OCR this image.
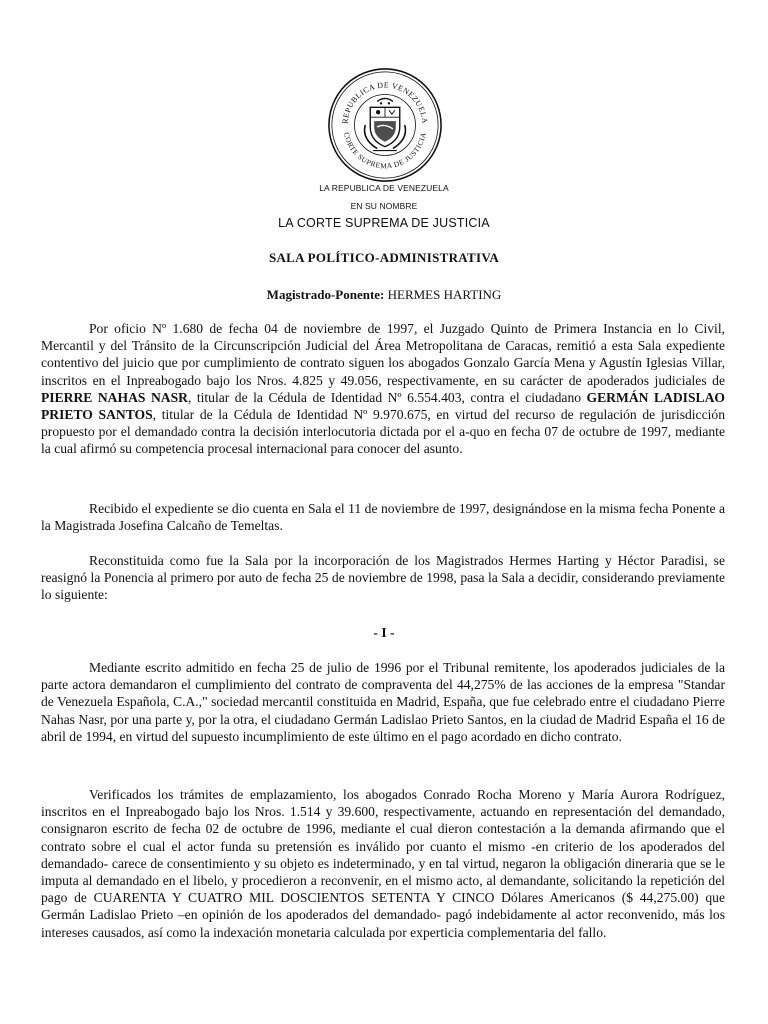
REPUBLICA DE VENEZUELA
CORTE SUPREMA DE JUSTICIA
LA REPUBLICA DE VENEZUELA
EN SU NOMBRE
LA CORTE SUPREMA DE JUSTICIA
SALA POLÍTICO-ADMINISTRATIVA
Magistrado-Ponente: HERMES HARTING

Por oficio Nº 1.680 de fecha 04 de noviembre de 1997, el Juzgado Quinto de Primera Instancia en lo Civil, Mercantil y del Tránsito de la Circunscripción Judicial del Área Metropolitana de Caracas, remitió a esta Sala expediente contentivo del juicio que por cumplimiento de contrato siguen los abogados Gonzalo García Mena y Agustín Iglesias Villar, inscritos en el Inpreabogado bajo los Nros. 4.825 y 49.056, respectivamente, en su carácter de apoderados judiciales de PIERRE NAHAS NASR, titular de la Cédula de Identidad Nº 6.554.403, contra el ciudadano GERMÁN LADISLAO PRIETO SANTOS, titular de la Cédula de Identidad Nº 9.970.675, en virtud del recurso de regulación de jurisdicción propuesto por el demandado contra la decisión interlocutoria dictada por el a-quo en fecha 07 de octubre de 1997, mediante la cual afirmó su competencia procesal internacional para conocer del asunto.

Recibido el expediente se dio cuenta en Sala el 11 de noviembre de 1997, designándose en la misma fecha Ponente a la Magistrada Josefina Calcaño de Temeltas.

Reconstituida como fue la Sala por la incorporación de los Magistrados Hermes Harting y Héctor Paradisi, se reasignó la Ponencia al primero por auto de fecha 25 de noviembre de 1998, pasa la Sala a decidir, considerando previamente lo siguiente:

- I -

Mediante escrito admitido en fecha 25 de julio de 1996 por el Tribunal remitente, los apoderados judiciales de la parte actora demandaron el cumplimiento del contrato de compraventa del 44,275% de las acciones de la empresa "Standar de Venezuela Española, C.A.," sociedad mercantil constituida en Madrid, España, que fue celebrado entre el ciudadano Pierre Nahas Nasr, por una parte y, por la otra, el ciudadano Germán Ladislao Prieto Santos, en la ciudad de Madrid España el 16 de abril de 1994, en virtud del supuesto incumplimiento de este último en el pago acordado en dicho contrato.

Verificados los trámites de emplazamiento, los abogados Conrado Rocha Moreno y María Aurora Rodríguez, inscritos en el Inpreabogado bajo los Nros. 1.514 y 39.600, respectivamente, actuando en representación del demandado, consignaron escrito de fecha 02 de octubre de 1996, mediante el cual dieron contestación a la demanda afirmando que el contrato sobre el cual el actor funda su pretensión es inválido por cuanto el mismo -en criterio de los apoderados del demandado- carece de consentimiento y su objeto es indeterminado, y en tal virtud, negaron la obligación dineraria que se le imputa al demandado en el libelo, y procedieron a reconvenir, en el mismo acto, al demandante, solicitando la repetición del pago de CUARENTA Y CUATRO MIL DOSCIENTOS SETENTA Y CINCO Dólares Americanos ($ 44,275.00) que Germán Ladislao Prieto –en opinión de los apoderados del demandado- pagó indebidamente al actor reconvenido, más los intereses causados, así como la indexación monetaria calculada por experticia complementaria del fallo.
